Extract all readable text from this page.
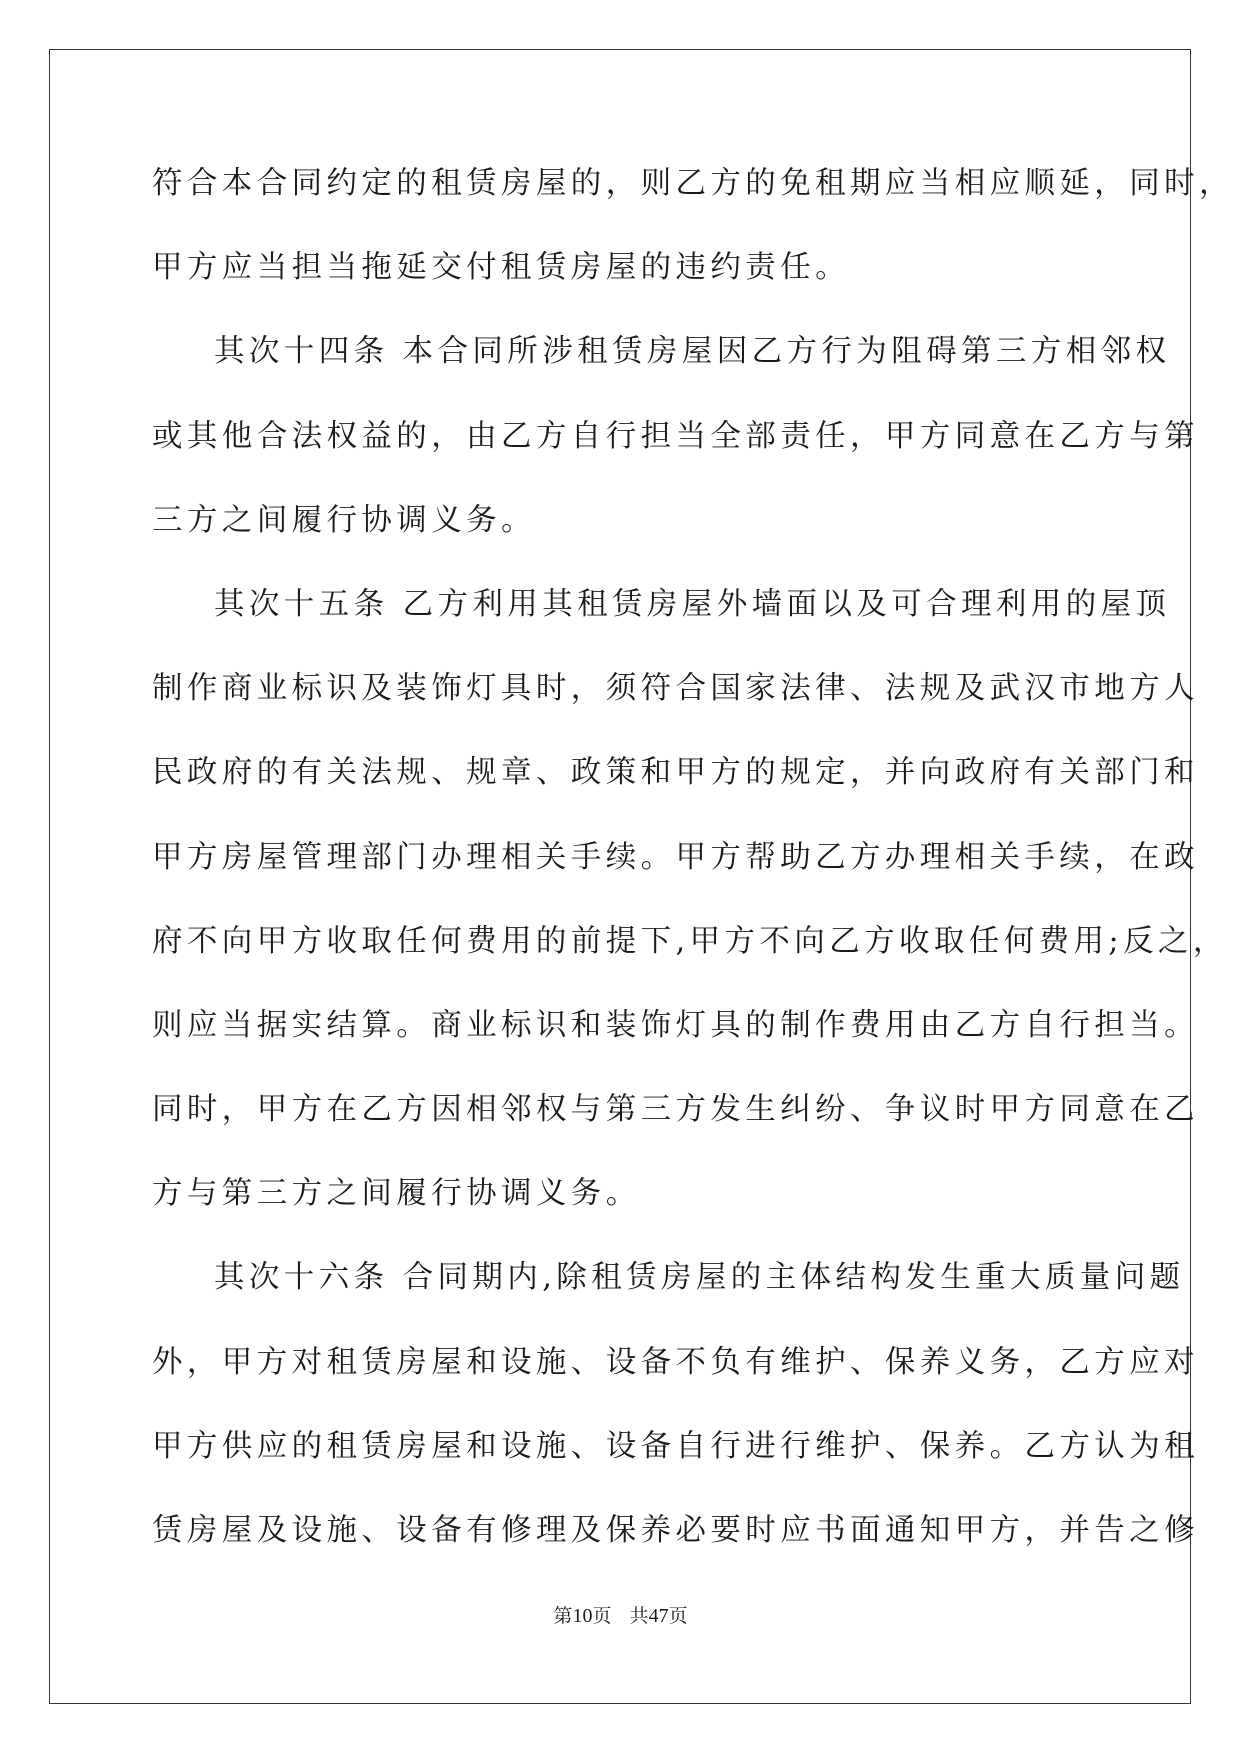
符合本合同约定的租赁房屋的，则乙方的免租期应当相应顺延，同时，
甲方应当担当拖延交付租赁房屋的违约责任。
其次十四条 本合同所涉租赁房屋因乙方行为阻碍第三方相邻权
或其他合法权益的，由乙方自行担当全部责任，甲方同意在乙方与第
三方之间履行协调义务。
其次十五条 乙方利用其租赁房屋外墙面以及可合理利用的屋顶
制作商业标识及装饰灯具时，须符合国家法律、法规及武汉市地方人
民政府的有关法规、规章、政策和甲方的规定，并向政府有关部门和
甲方房屋管理部门办理相关手续。甲方帮助乙方办理相关手续，在政
府不向甲方收取任何费用的前提下,甲方不向乙方收取任何费用;反之，
则应当据实结算。商业标识和装饰灯具的制作费用由乙方自行担当。
同时，甲方在乙方因相邻权与第三方发生纠纷、争议时甲方同意在乙
方与第三方之间履行协调义务。
其次十六条 合同期内,除租赁房屋的主体结构发生重大质量问题
外，甲方对租赁房屋和设施、设备不负有维护、保养义务，乙方应对
甲方供应的租赁房屋和设施、设备自行进行维护、保养。乙方认为租
赁房屋及设施、设备有修理及保养必要时应书面通知甲方，并告之修
第10页   共47页
